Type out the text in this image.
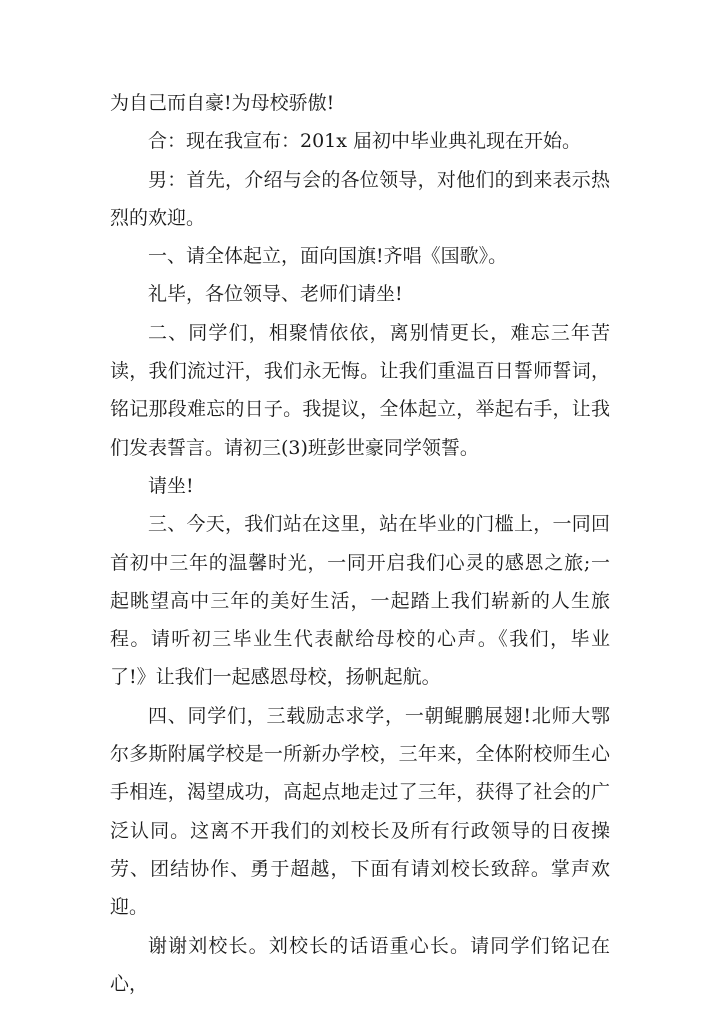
为自己而自豪!为母校骄傲!

合：现在我宣布：201x 届初中毕业典礼现在开始。

男：首先，介绍与会的各位领导，对他们的到来表示热烈的欢迎。

一、请全体起立，面向国旗!齐唱《国歌》。

礼毕，各位领导、老师们请坐!

二、同学们，相聚情依依，离别情更长，难忘三年苦读，我们流过汗，我们永无悔。让我们重温百日誓师誓词，铭记那段难忘的日子。我提议，全体起立，举起右手，让我们发表誓言。请初三(3)班彭世豪同学领誓。

请坐!

三、今天，我们站在这里，站在毕业的门槛上，一同回首初中三年的温馨时光，一同开启我们心灵的感恩之旅;一起眺望高中三年的美好生活，一起踏上我们崭新的人生旅程。请听初三毕业生代表献给母校的心声。《我们，毕业了!》让我们一起感恩母校，扬帆起航。

四、同学们，三载励志求学，一朝鲲鹏展翅!北师大鄂尔多斯附属学校是一所新办学校，三年来，全体附校师生心手相连，渴望成功，高起点地走过了三年，获得了社会的广泛认同。这离不开我们的刘校长及所有行政领导的日夜操劳、团结协作、勇于超越，下面有请刘校长致辞。掌声欢迎。

谢谢刘校长。刘校长的话语重心长。请同学们铭记在心，
